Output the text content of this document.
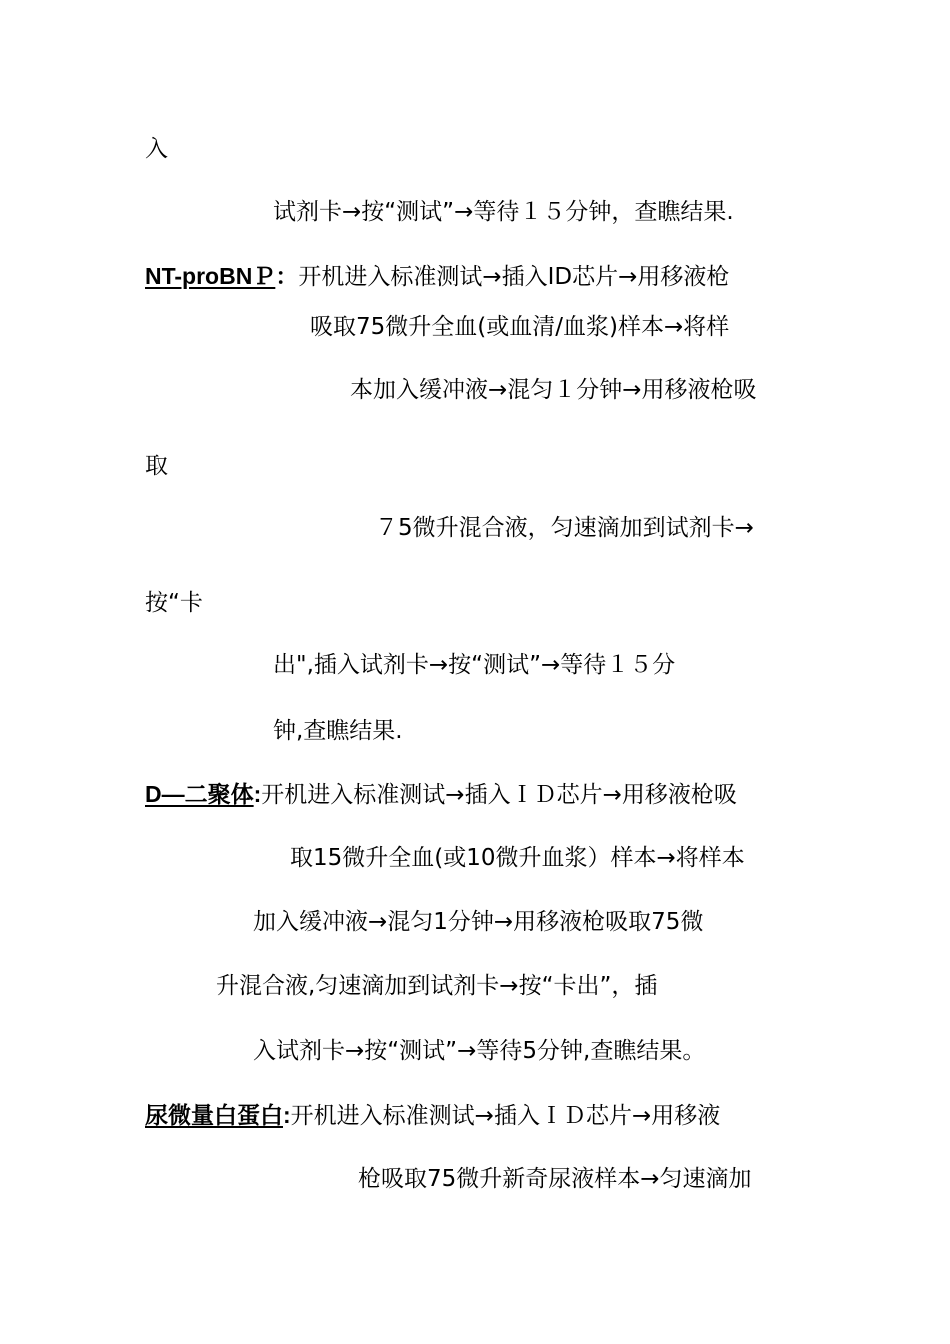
入
试剂卡→按“测试”→等待１５分钟，查瞧结果.
NT-proBNＰ：开机进入标准测试→插入ID芯片→用移液枪
吸取75微升全血(或血清/血浆)样本→将样
本加入缓冲液→混匀１分钟→用移液枪吸
取
７5微升混合液，匀速滴加到试剂卡→
按“卡
出",插入试剂卡→按“测试”→等待１５分
钟,查瞧结果.
D—二聚体:开机进入标准测试→插入ＩＤ芯片→用移液枪吸
取15微升全血(或10微升血浆）样本→将样本
加入缓冲液→混匀1分钟→用移液枪吸取75微
升混合液,匀速滴加到试剂卡→按“卡出”，插
入试剂卡→按“测试”→等待5分钟,查瞧结果。
尿微量白蛋白:开机进入标准测试→插入ＩＤ芯片→用移液
枪吸取75微升新奇尿液样本→匀速滴加
